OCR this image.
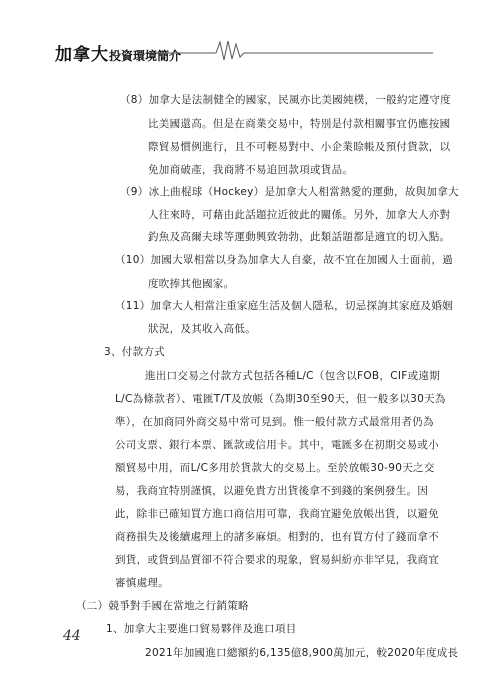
加拿大投資環境簡介
（8）加拿大是法制健全的國家，民風亦比美國純樸，一般約定遵守度
比美國還高。但是在商業交易中，特別是付款相關事宜仍應按國
際貿易慣例進行，且不可輕易對中、小企業賒帳及預付貨款，以
免加商破產，我商將不易追回款項或貨品。
（9）冰上曲棍球（Hockey）是加拿大人相當熱愛的運動，故與加拿大
人往來時，可藉由此話題拉近彼此的關係。另外，加拿大人亦對
釣魚及高爾夫球等運動興致勃勃，此類話題都是適宜的切入點。
（10）加國大眾相當以身為加拿大人自豪，故不宜在加國人士面前，過
度吹捧其他國家。
（11）加拿大人相當注重家庭生活及個人隱私，切忌探詢其家庭及婚姻
狀況，及其收入高低。
3、付款方式
進出口交易之付款方式包括各種L/C（包含以FOB，CIF或遠期
L/C為條款者）、電匯T/T及放帳（為期30至90天，但一般多以30天為
準），在加商同外商交易中常可見到。惟一般付款方式最常用者仍為
公司支票、銀行本票、匯款或信用卡。其中，電匯多在初期交易或小
額貿易中用，而L/C多用於貨款大的交易上。至於放帳30-90天之交
易，我商宜特別謹慎，以避免貴方出貨後拿不到錢的案例發生。因
此，除非已確知買方進口商信用可靠，我商宜避免放帳出貨，以避免
商務損失及後續處理上的諸多麻煩。相對的，也有買方付了錢而拿不
到貨，或貨到品質卻不符合要求的現象，貿易糾紛亦非罕見，我商宜
審慎處理。
（二）競爭對手國在當地之行銷策略
1、加拿大主要進口貿易夥伴及進口項目
2021年加國進口總額約6,135億8,900萬加元，較2020年度成長
44
